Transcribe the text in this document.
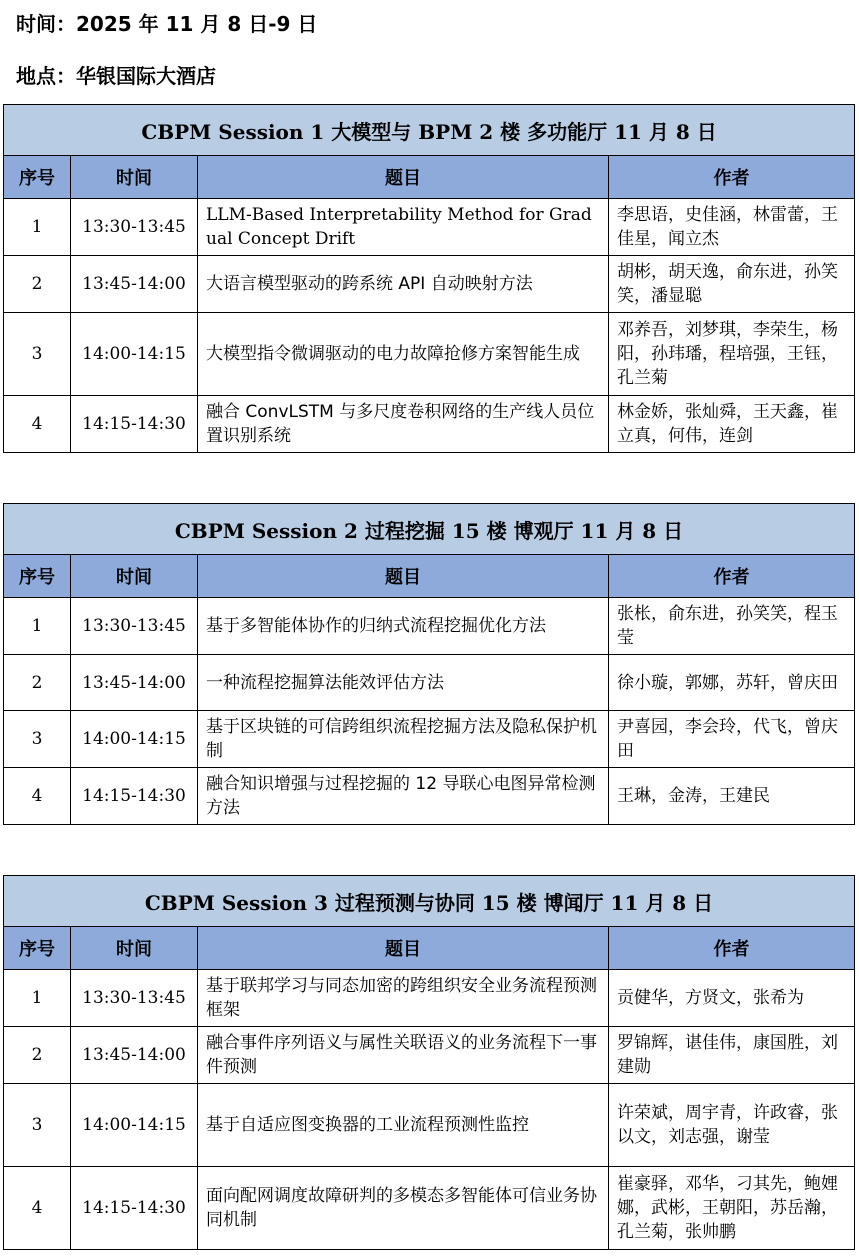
时间：2025 年 11 月 8 日-9 日
地点：华银国际大酒店
CBPM Session 1 大模型与 BPM 2 楼 多功能厅 11 月 8 日			
序号	时间	题目	作者
1	13:30-13:45	LLM-Based Interpretability Method for Gradual Concept Drift	李思语，史佳涵，林雷蕾，王佳星，闻立杰
2	13:45-14:00	大语言模型驱动的跨系统 API 自动映射方法	胡彬，胡天逸，俞东进，孙笑笑，潘显聪
3	14:00-14:15	大模型指令微调驱动的电力故障抢修方案智能生成	邓养吾，刘梦琪，李荣生，杨阳，孙玮璠，程培强，王钰，孔兰菊
4	14:15-14:30	融合 ConvLSTM 与多尺度卷积网络的生产线人员位置识别系统	林金娇，张灿舜，王天鑫，崔立真，何伟，连剑
CBPM Session 2 过程挖掘 15 楼 博观厅 11 月 8 日			
序号	时间	题目	作者
1	13:30-13:45	基于多智能体协作的归纳式流程挖掘优化方法	张枨，俞东进，孙笑笑，程玉莹
2	13:45-14:00	一种流程挖掘算法能效评估方法	徐小璇，郭娜，苏轩，曾庆田
3	14:00-14:15	基于区块链的可信跨组织流程挖掘方法及隐私保护机制	尹喜园，李会玲，代飞，曾庆田
4	14:15-14:30	融合知识增强与过程挖掘的 12 导联心电图异常检测方法	王琳，金涛，王建民
CBPM Session 3 过程预测与协同 15 楼 博闻厅 11 月 8 日			
序号	时间	题目	作者
1	13:30-13:45	基于联邦学习与同态加密的跨组织安全业务流程预测框架	贡健华，方贤文，张希为
2	13:45-14:00	融合事件序列语义与属性关联语义的业务流程下一事件预测	罗锦辉，谌佳伟，康国胜，刘建勋
3	14:00-14:15	基于自适应图变换器的工业流程预测性监控	许荣斌，周宇青，许政睿，张以文，刘志强，谢莹
4	14:15-14:30	面向配网调度故障研判的多模态多智能体可信业务协同机制	崔豪驿，邓华，刁其先，鲍娌娜，武彬，王朝阳，苏岳瀚，孔兰菊，张帅鹏
